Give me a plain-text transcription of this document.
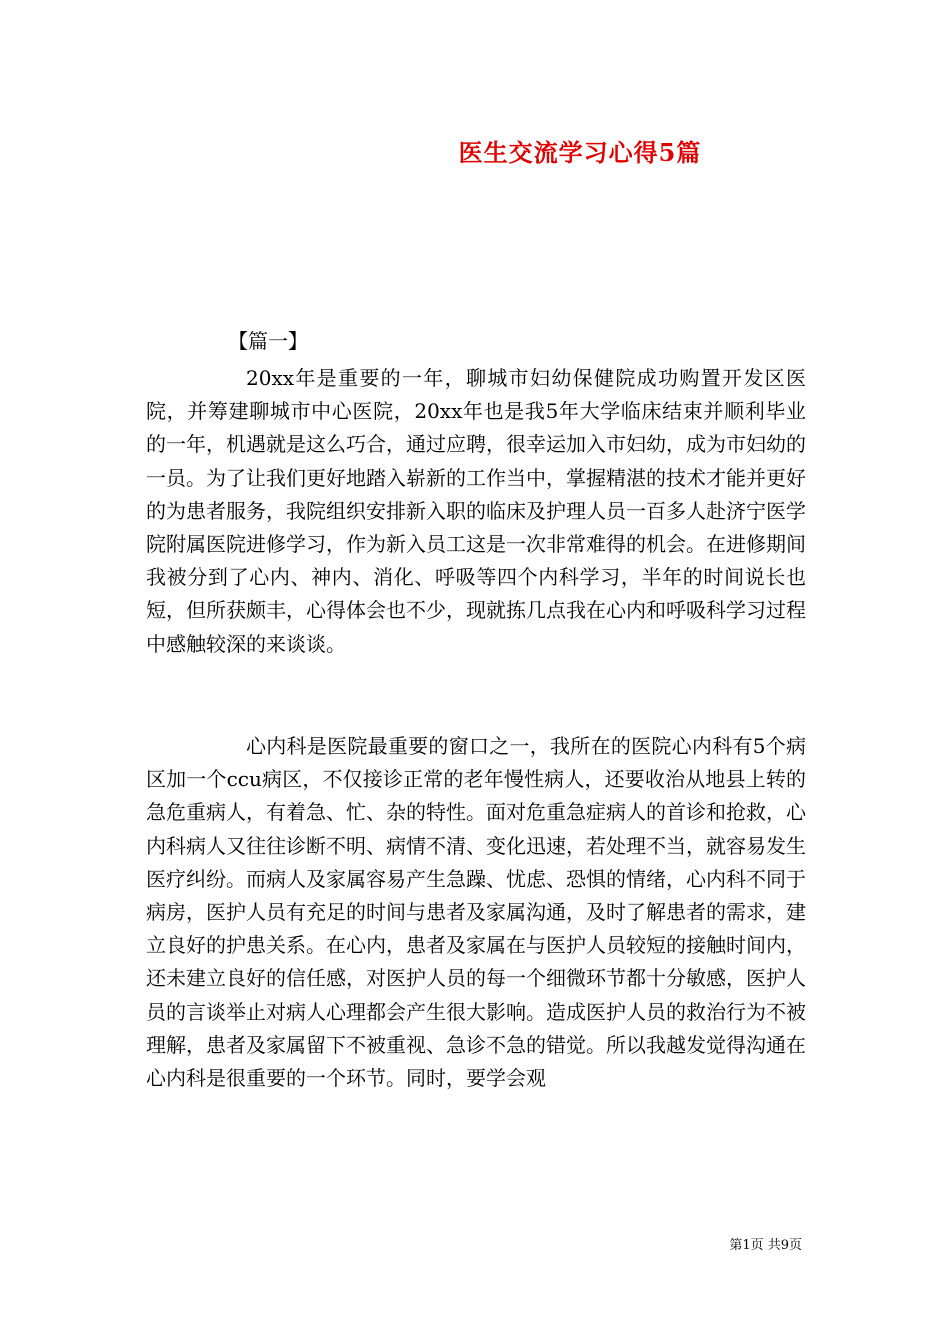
医生交流学习心得5篇
【篇一】

20xx年是重要的一年，聊城市妇幼保健院成功购置开发区医院，并筹建聊城市中心医院，20xx年也是我5年大学临床结束并顺利毕业的一年，机遇就是这么巧合，通过应聘，很幸运加入市妇幼，成为市妇幼的一员。为了让我们更好地踏入崭新的工作当中，掌握精湛的技术才能并更好的为患者服务，我院组织安排新入职的临床及护理人员一百多人赴济宁医学院附属医院进修学习，作为新入员工这是一次非常难得的机会。在进修期间我被分到了心内、神内、消化、呼吸等四个内科学习，半年的时间说长也短，但所获颇丰，心得体会也不少，现就拣几点我在心内和呼吸科学习过程中感触较深的来谈谈。

心内科是医院最重要的窗口之一，我所在的医院心内科有5个病区加一个ccu病区，不仅接诊正常的老年慢性病人，还要收治从地县上转的急危重病人，有着急、忙、杂的特性。面对危重急症病人的首诊和抢救，心内科病人又往往诊断不明、病情不清、变化迅速，若处理不当，就容易发生医疗纠纷。而病人及家属容易产生急躁、忧虑、恐惧的情绪，心内科不同于病房，医护人员有充足的时间与患者及家属沟通，及时了解患者的需求，建立良好的护患关系。在心内，患者及家属在与医护人员较短的接触时间内，还未建立良好的信任感，对医护人员的每一个细微环节都十分敏感，医护人员的言谈举止对病人心理都会产生很大影响。造成医护人员的救治行为不被理解，患者及家属留下不被重视、急诊不急的错觉。所以我越发觉得沟通在心内科是很重要的一个环节。同时，要学会观

第1页 共9页
